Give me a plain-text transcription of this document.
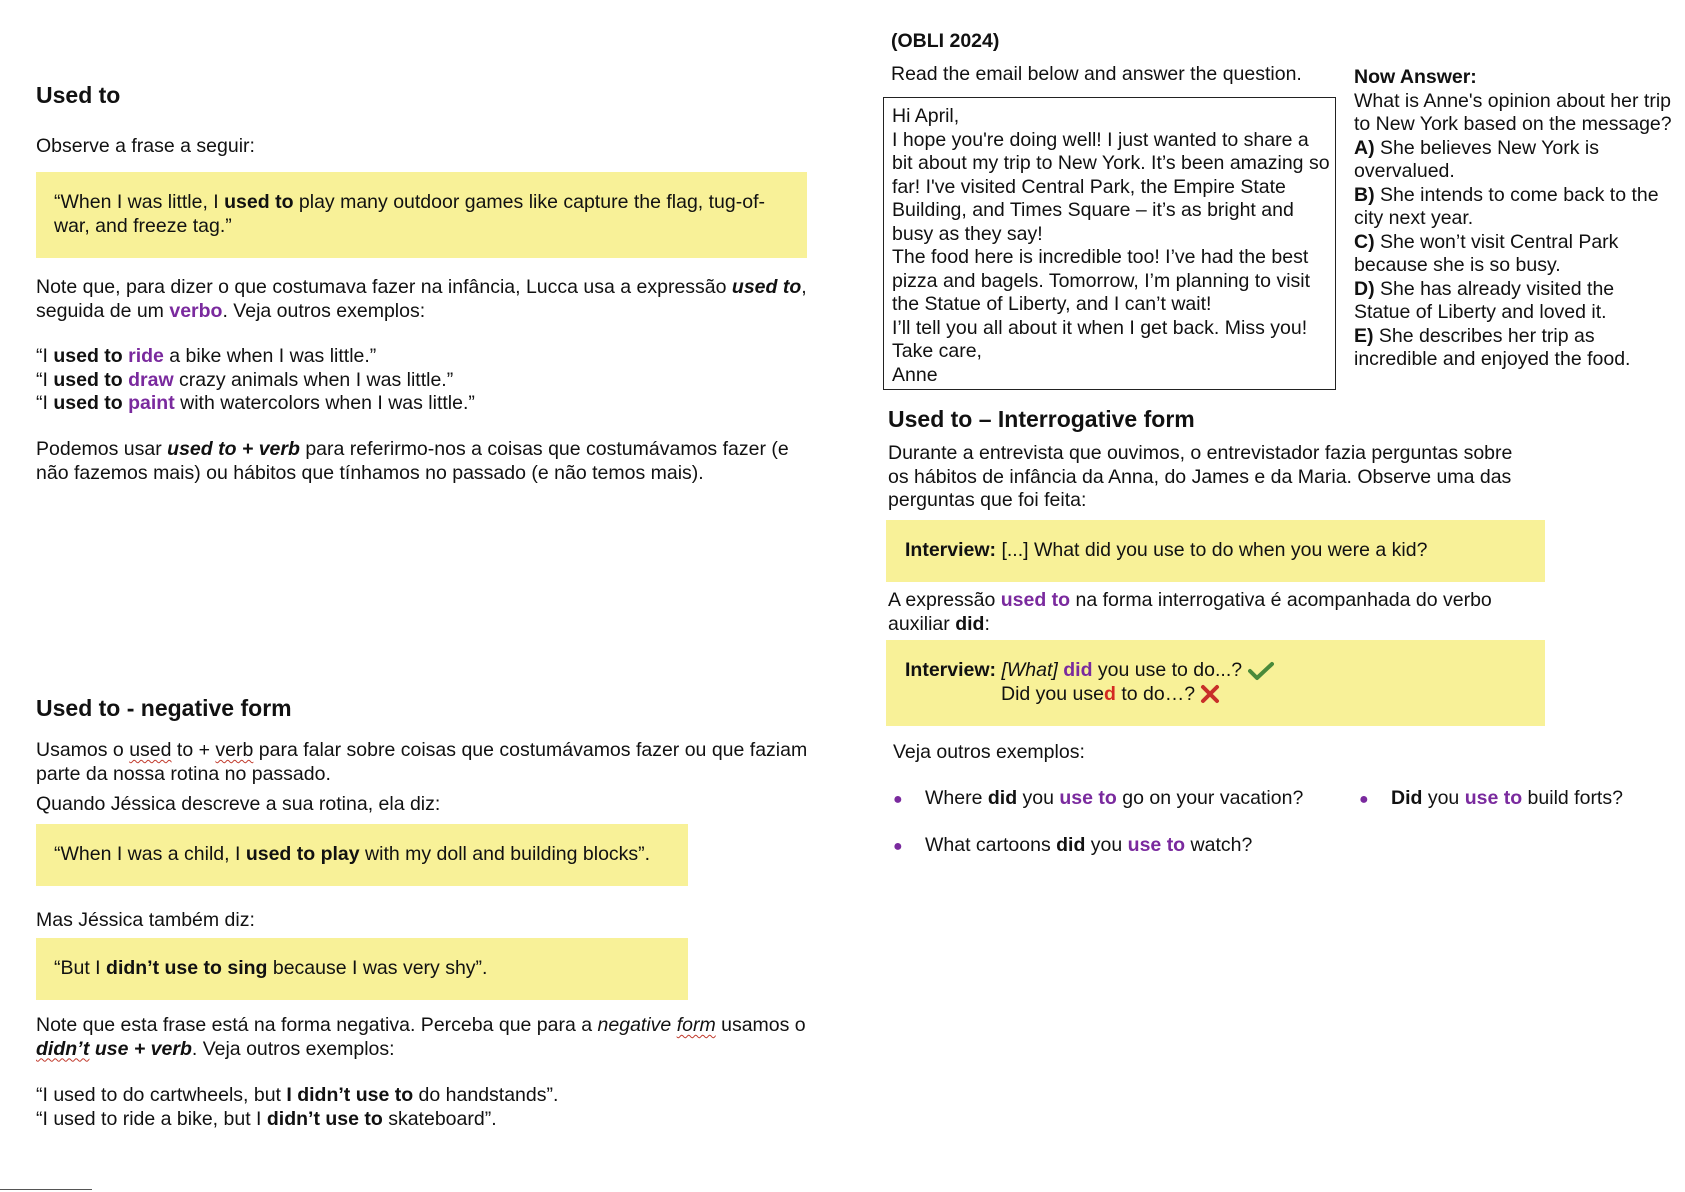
Used to

Observe a frase a seguir:

“When I was little, I used to play many outdoor games like capture the flag, tug-of-war, and freeze tag.”

Note que, para dizer o que costumava fazer na infância, Lucca usa a expressão used to, seguida de um verbo. Veja outros exemplos:

“I used to ride a bike when I was little.”
“I used to draw crazy animals when I was little.”
“I used to paint with watercolors when I was little.”

Podemos usar used to + verb para referirmo-nos a coisas que costumávamos fazer (e não fazemos mais) ou hábitos que tínhamos no passado (e não temos mais).

Used to - negative form

Usamos o used to + verb para falar sobre coisas que costumávamos fazer ou que faziam parte da nossa rotina no passado.

Quando Jéssica descreve a sua rotina, ela diz:

“When I was a child, I used to play with my doll and building blocks”.

Mas Jéssica também diz:

“But I didn’t use to sing because I was very shy”.

Note que esta frase está na forma negativa. Perceba que para a negative form usamos o didn’t use + verb. Veja outros exemplos:

“I used to do cartwheels, but I didn’t use to do handstands”.
“I used to ride a bike, but I didn’t use to skateboard”.
(OBLI 2024)
Read the email below and answer the question.
Hi April,
I hope you're doing well! I just wanted to share a
bit about my trip to New York. It’s been amazing so
far! I've visited Central Park, the Empire State
Building, and Times Square – it’s as bright and
busy as they say!
The food here is incredible too! I’ve had the best
pizza and bagels. Tomorrow, I’m planning to visit
the Statue of Liberty, and I can’t wait!
I’ll tell you all about it when I get back. Miss you!
Take care,
Anne
Now Answer:
What is Anne's opinion about her trip to New York based on the message?
A) She believes New York is overvalued.
B) She intends to come back to the city next year.
C) She won’t visit Central Park because she is so busy.
D) She has already visited the Statue of Liberty and loved it.
E) She describes her trip as incredible and enjoyed the food.
Used to – Interrogative form

Durante a entrevista que ouvimos, o entrevistador fazia perguntas sobre os hábitos de infância da Anna, do James e da Maria. Observe uma das perguntas que foi feita:

Interview: [...] What did you use to do when you were a kid?

A expressão used to na forma interrogativa é acompanhada do verbo auxiliar did:

Interview: [What] did you use to do...?
Did you used to do…?
Veja outros exemplos:
● Where did you use to go on your vacation?	● Did you use to build forts?
● What cartoons did you use to watch?
